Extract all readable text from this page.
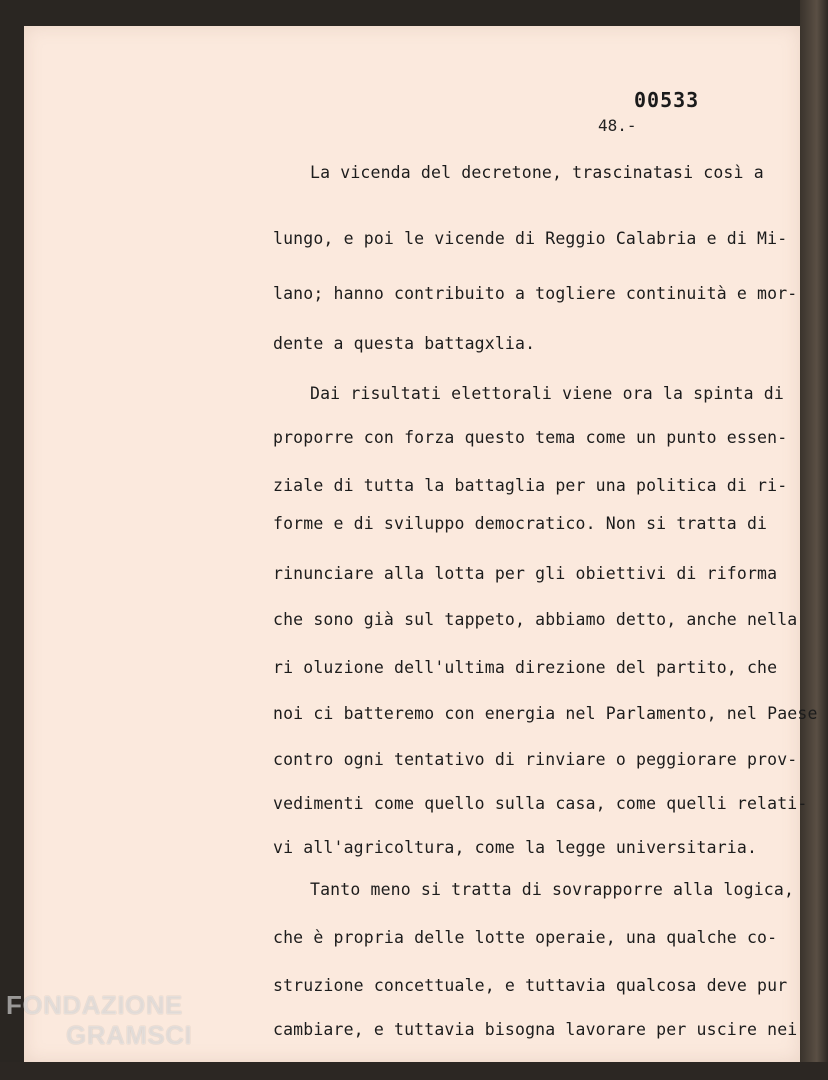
00533
48.-
La vicenda del decretone, trascinatasi così a
lungo, e poi le vicende di Reggio Calabria e di Mi-
lano; hanno contribuito a togliere continuità e mor-
dente a questa battagxlia.
Dai risultati elettorali viene ora la spinta di
proporre con forza questo tema come un punto essen-
ziale di tutta la battaglia per una politica di ri-
forme e di sviluppo democratico. Non si tratta di
rinunciare alla lotta per gli obiettivi di riforma
che sono già sul tappeto, abbiamo detto, anche nella
ri oluzione dell'ultima direzione del partito, che
noi ci batteremo con energia nel Parlamento, nel Paese
contro ogni tentativo di rinviare o peggiorare prov-
vedimenti come quello sulla casa, come quelli relati-
vi all'agricoltura, come la legge universitaria.
Tanto meno si tratta di sovrapporre alla logica,
che è propria delle lotte operaie, una qualche co-
struzione concettuale, e tuttavia qualcosa deve pur
cambiare, e tuttavia bisogna lavorare per uscire nei
FONDAZIONE
GRAMSCI
